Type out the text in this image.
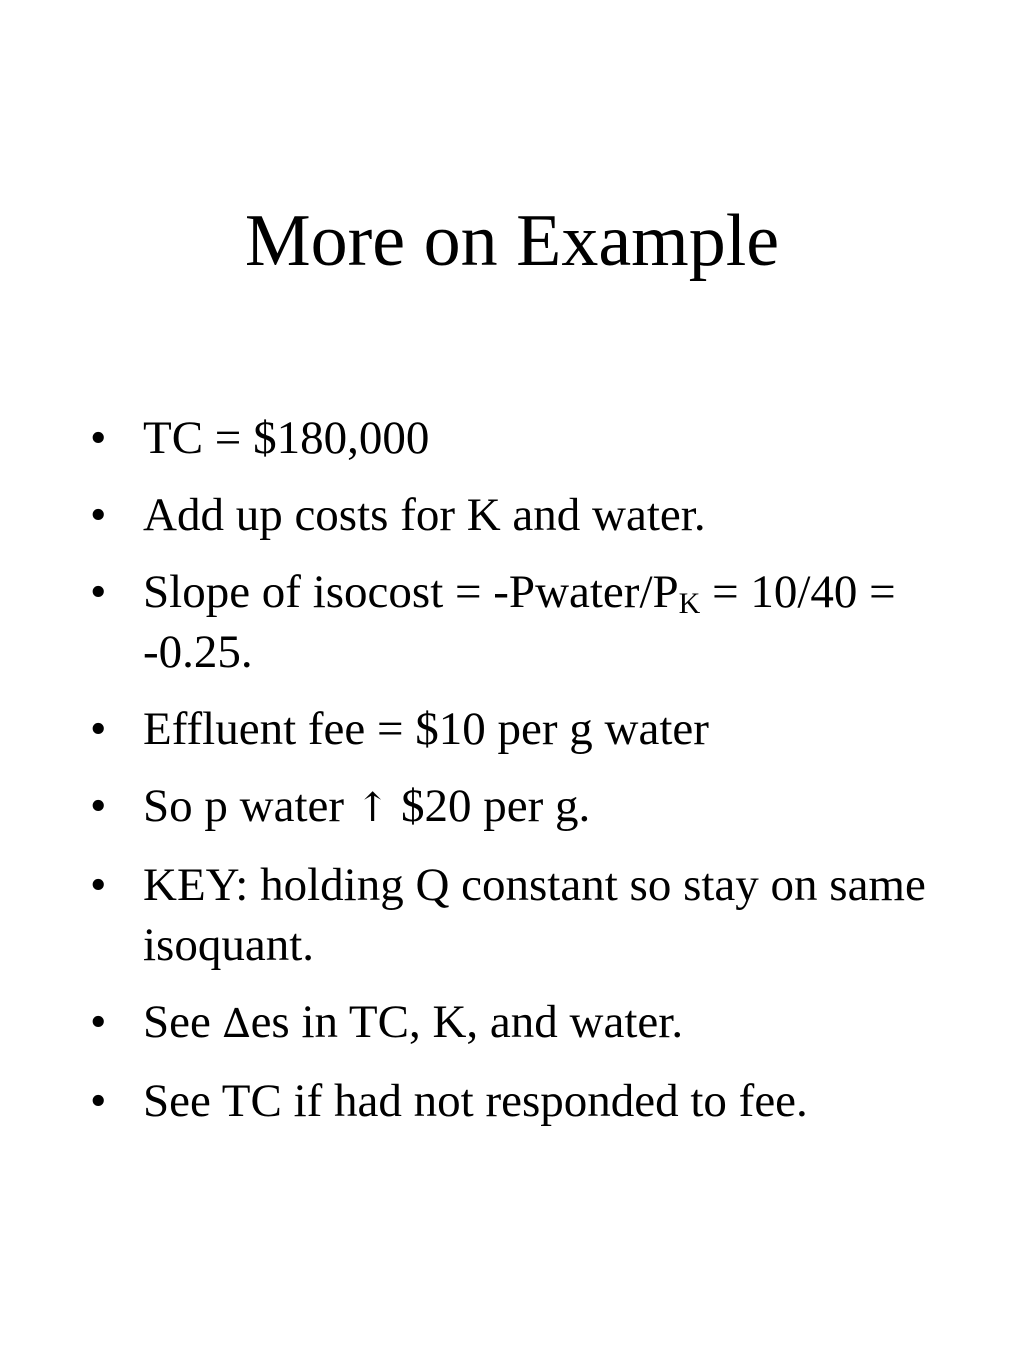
More on Example
• TC = $180,000
• Add up costs for K and water.
• Slope of $isocost = -Pwater/P_K = 10/40 = -0.25$.
• Effluent fee = $10 per g water
• So p water ↑ $20 per g.
• KEY: holding Q constant so stay on same isoquant.
• See ∆es in TC, K, and water.
• See TC if had not responded to fee.
